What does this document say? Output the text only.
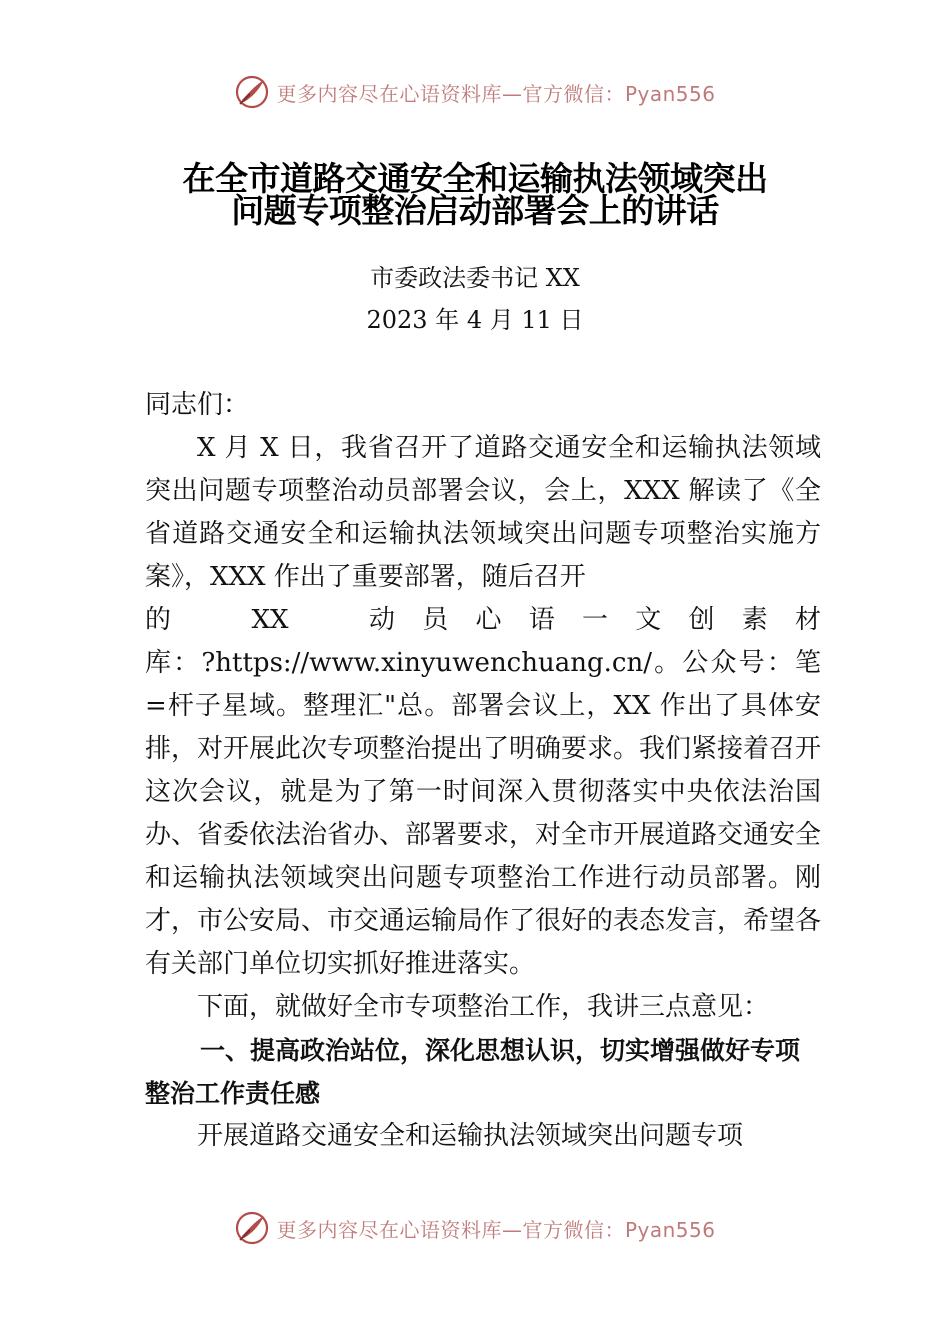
更多内容尽在心语资料库—官方微信：Pyan556
在全市道路交通安全和运输执法领域突出
问题专项整治启动部署会上的讲话
市委政法委书记 XX
2023 年 4 月 11 日

同志们：

X 月 X 日，我省召开了道路交通安全和运输执法领域突出问题专项整治动员部署会议，会上，XXX 解读了《全省道路交通安全和运输执法领域突出问题专项整治实施方案》，XXX 作出了重要部署，随后召开

的　XX　动员心语一文创素材

库：?https://www.xinyuwenchuang.cn/。公众号：笔=杆子星域。整理汇"总。部署会议上，XX 作出了具体安排，对开展此次专项整治提出了明确要求。我们紧接着召开这次会议，就是为了第一时间深入贯彻落实中央依法治国办、省委依法治省办、部署要求，对全市开展道路交通安全和运输执法领域突出问题专项整治工作进行动员部署。刚才，市公安局、市交通运输局作了很好的表态发言，希望各有关部门单位切实抓好推进落实。

下面，就做好全市专项整治工作，我讲三点意见：

一、提高政治站位，深化思想认识，切实增强做好专项整治工作责任感

开展道路交通安全和运输执法领域突出问题专项

更多内容尽在心语资料库—官方微信：Pyan556
